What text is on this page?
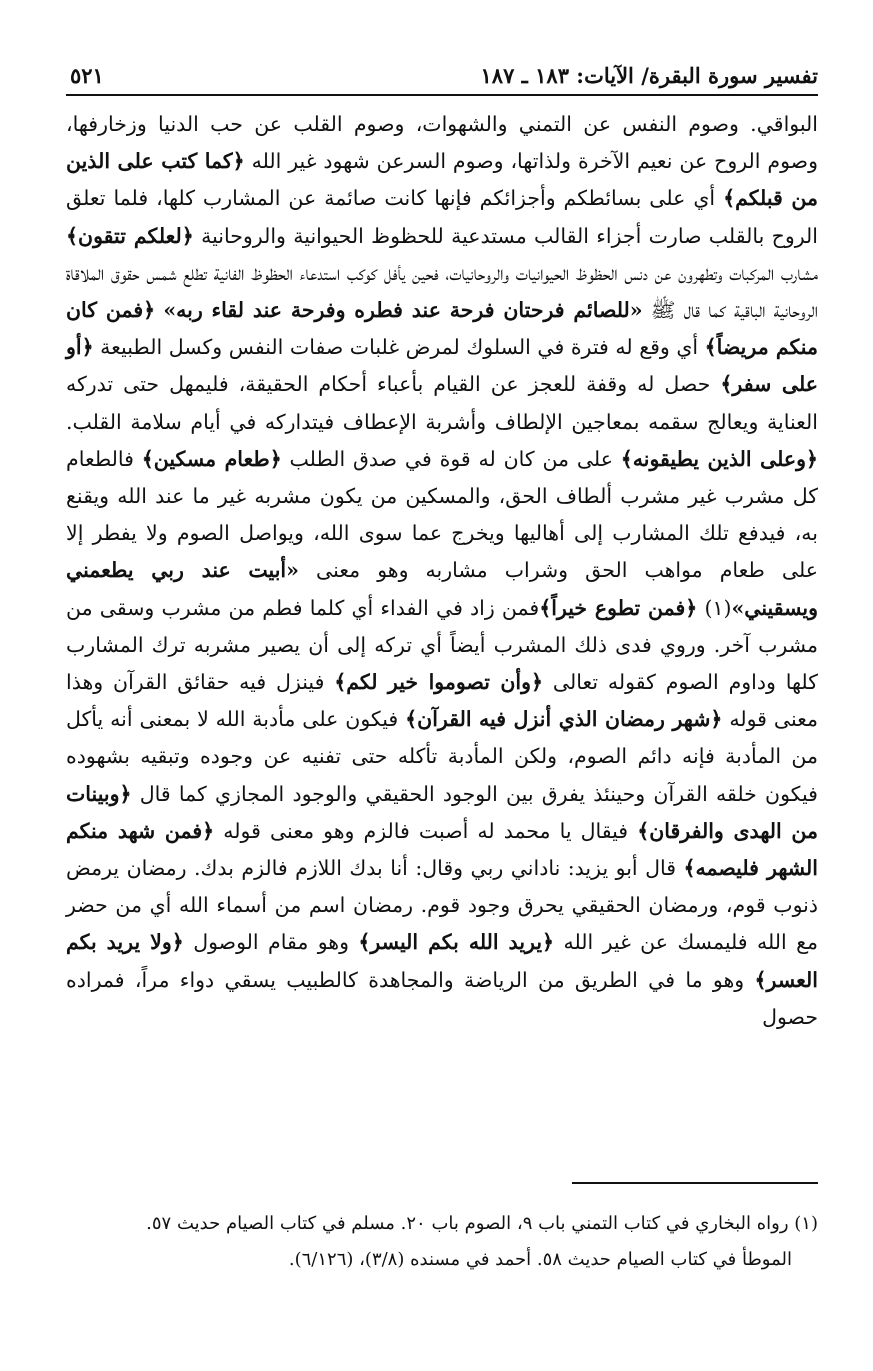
تفسير سورة البقرة/ الآيات: ١٨٣ ـ ١٨٧
٥٢١

البواقي. وصوم النفس عن التمني والشهوات، وصوم القلب عن حب الدنيا وزخارفها، وصوم الروح عن نعيم الآخرة ولذاتها، وصوم السرعن شهود غير الله ﴿كما كتب على الذين من قبلكم﴾ أي على بسائطكم وأجزائكم فإنها كانت صائمة عن المشارب كلها، فلما تعلق الروح بالقلب صارت أجزاء القالب مستدعية للحظوظ الحيوانية والروحانية ﴿لعلكم تتقون﴾ مشارب المركبات وتطهرون عن دنس الحظوظ الحيوانيات والروحانيات، فحين يأفل كوكب استدعاء الحظوظ الفانية تطلع شمس حقوق الملاقاة الروحانية الباقية كما قال ﷺ «للصائم فرحتان فرحة عند فطره وفرحة عند لقاء ربه» ﴿فمن كان منكم مريضاً﴾ أي وقع له فترة في السلوك لمرض غلبات صفات النفس وكسل الطبيعة ﴿أو على سفر﴾ حصل له وقفة للعجز عن القيام بأعباء أحكام الحقيقة، فليمهل حتى تدركه العناية ويعالج سقمه بمعاجين الإلطاف وأشربة الإعطاف فيتداركه في أيام سلامة القلب. ﴿وعلى الذين يطيقونه﴾ على من كان له قوة في صدق الطلب ﴿طعام مسكين﴾ فالطعام كل مشرب غير مشرب ألطاف الحق، والمسكين من يكون مشربه غير ما عند الله ويقنع به، فيدفع تلك المشارب إلى أهاليها ويخرج عما سوى الله، ويواصل الصوم ولا يفطر إلا على طعام مواهب الحق وشراب مشاربه وهو معنى «أبيت عند ربي يطعمني ويسقيني»(١) ﴿فمن تطوع خيراً﴾فمن زاد في الفداء أي كلما فطم من مشرب وسقى من مشرب آخر. وروي فدى ذلك المشرب أيضاً أي تركه إلى أن يصير مشربه ترك المشارب كلها وداوم الصوم كقوله تعالى ﴿وأن تصوموا خير لكم﴾ فينزل فيه حقائق القرآن وهذا معنى قوله ﴿شهر رمضان الذي أنزل فيه القرآن﴾ فيكون على مأدبة الله لا بمعنى أنه يأكل من المأدبة فإنه دائم الصوم، ولكن المأدبة تأكله حتى تفنيه عن وجوده وتبقيه بشهوده فيكون خلقه القرآن وحينئذ يفرق بين الوجود الحقيقي والوجود المجازي كما قال ﴿وبينات من الهدى والفرقان﴾ فيقال يا محمد له أصبت فالزم وهو معنى قوله ﴿فمن شهد منكم الشهر فليصمه﴾ قال أبو يزيد: ناداني ربي وقال: أنا بدك اللازم فالزم بدك. رمضان يرمض ذنوب قوم، ورمضان الحقيقي يحرق وجود قوم. رمضان اسم من أسماء الله أي من حضر مع الله فليمسك عن غير الله ﴿يريد الله بكم اليسر﴾ وهو مقام الوصول ﴿ولا يريد بكم العسر﴾ وهو ما في الطريق من الرياضة والمجاهدة كالطبيب يسقي دواء مراً، فمراده حصول

(١) رواه البخاري في كتاب التمني باب ٩، الصوم باب ٢٠. مسلم في كتاب الصيام حديث ٥٧.
الموطأ في كتاب الصيام حديث ٥٨. أحمد في مسنده (٣/٨)، (٦/١٢٦).
